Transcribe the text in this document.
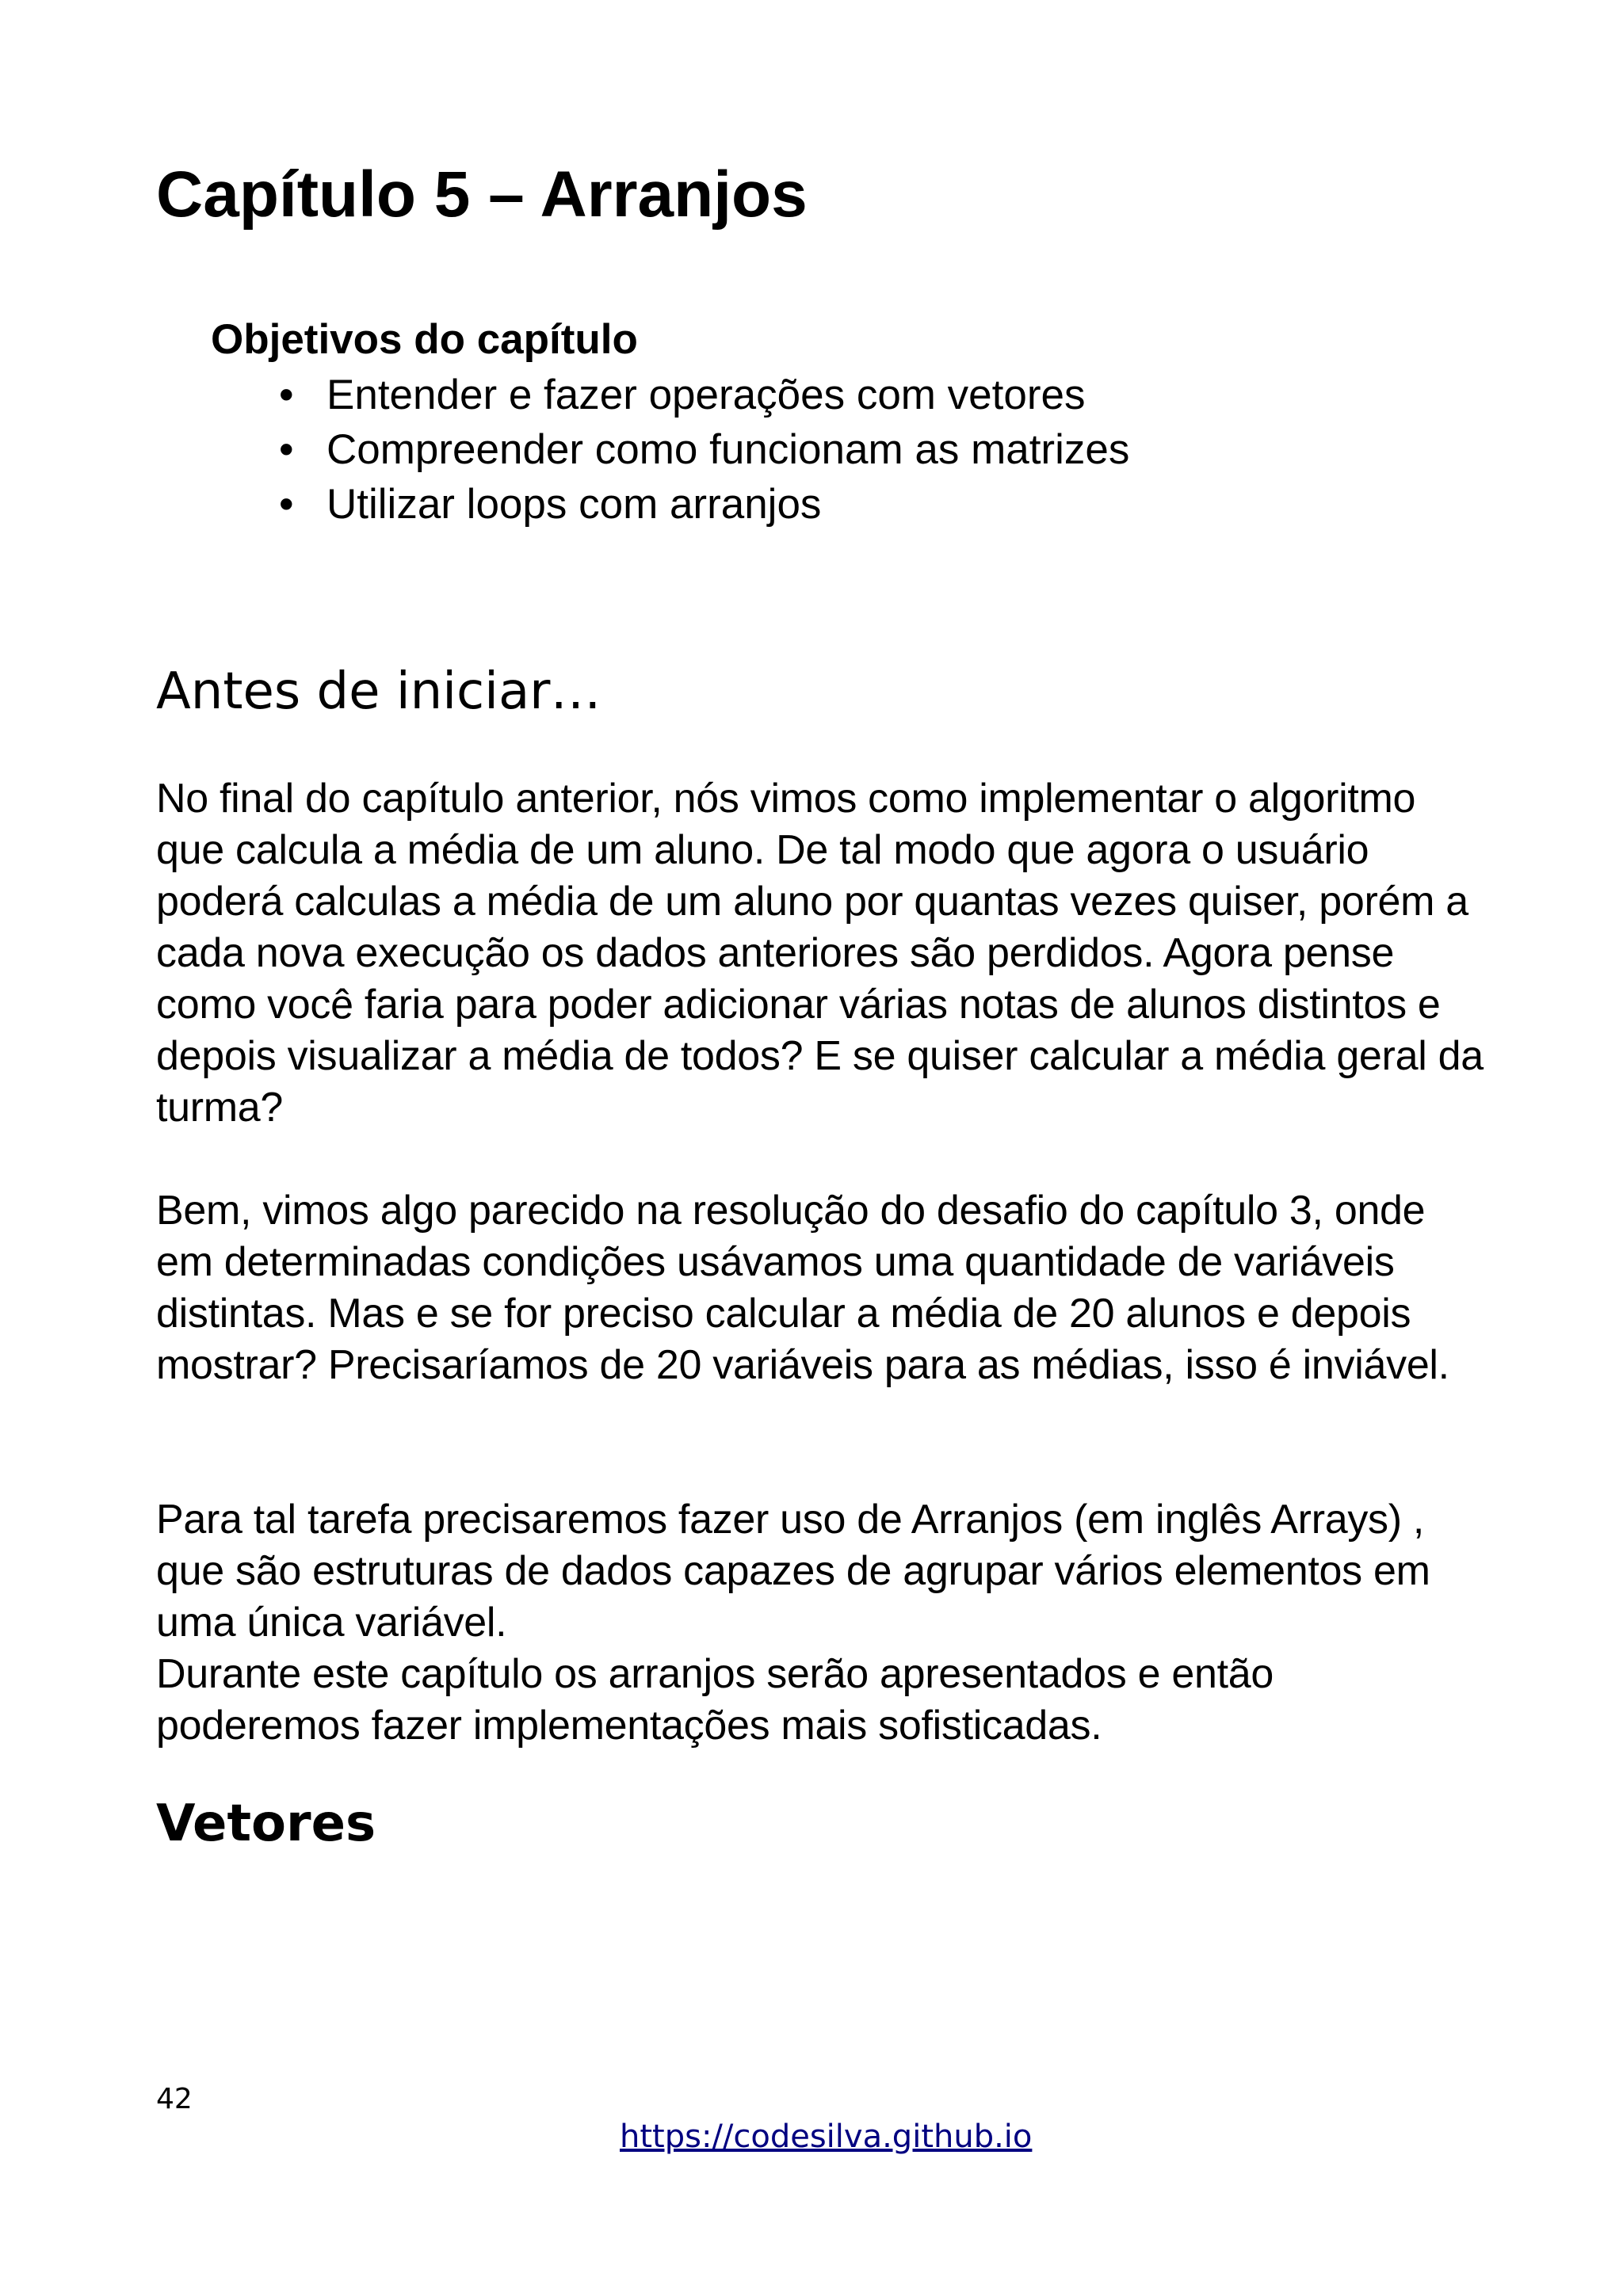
Capítulo 5 – Arranjos
Objetivos do capítulo
• Entender e fazer operações com vetores
• Compreender como funcionam as matrizes
• Utilizar loops com arranjos
Antes de iniciar…

No final do capítulo anterior, nós vimos como implementar o algoritmo que calcula a média de um aluno. De tal modo que agora o usuário poderá calculas a média de um aluno por quantas vezes quiser, porém a cada nova execução os dados anteriores são perdidos. Agora pense como você faria para poder adicionar várias notas de alunos distintos e depois visualizar a média de todos? E se quiser calcular a média geral da turma?

Bem, vimos algo parecido na resolução do desafio do capítulo 3, onde em determinadas condições usávamos uma quantidade de variáveis distintas. Mas e se for preciso calcular a média de 20 alunos e depois mostrar? Precisaríamos de 20 variáveis para as médias, isso é inviável.

Para tal tarefa precisaremos fazer uso de Arranjos (em inglês Arrays) , que são estruturas de dados capazes de agrupar vários elementos em uma única variável.

Durante este capítulo os arranjos serão apresentados e então poderemos fazer implementações mais sofisticadas.

Vetores
42
https://codesilva.github.io
